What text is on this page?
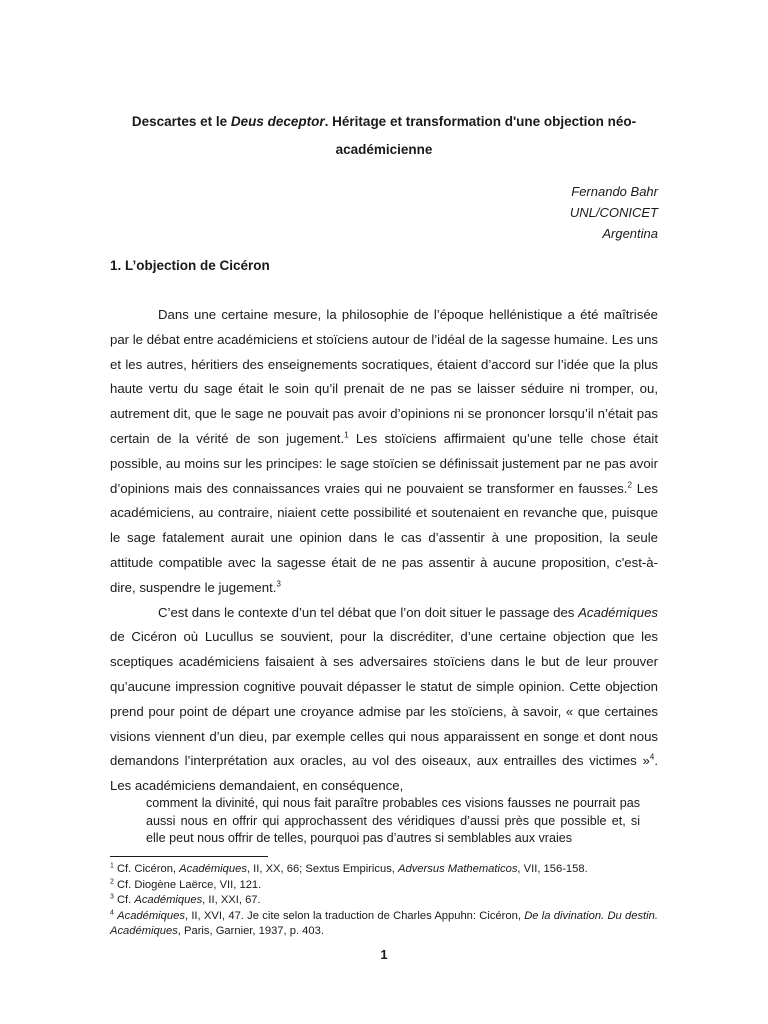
Descartes et le Deus deceptor. Héritage et transformation d'une objection néo-académicienne
Fernando Bahr
UNL/CONICET
Argentina
1. L’objection de Cicéron

Dans une certaine mesure, la philosophie de l’époque hellénistique a été maîtrisée par le débat entre académiciens et stoïciens autour de l’idéal de la sagesse humaine. Les uns et les autres, héritiers des enseignements socratiques, étaient d’accord sur l’idée que la plus haute vertu du sage était le soin qu’il prenait de ne pas se laisser séduire ni tromper, ou, autrement dit, que le sage ne pouvait pas avoir d’opinions ni se prononcer lorsqu’il n’était pas certain de la vérité de son jugement.$^1$ Les stoïciens affirmaient qu’une telle chose était possible, au moins sur les principes: le sage stoïcien se définissait justement par ne pas avoir d’opinions mais des connaissances vraies qui ne pouvaient se transformer en fausses.$^2$ Les académiciens, au contraire, niaient cette possibilité et soutenaient en revanche que, puisque le sage fatalement aurait une opinion dans le cas d’assentir à une proposition, la seule attitude compatible avec la sagesse était de ne pas assentir à aucune proposition, c'est-à-dire, suspendre le jugement.$^3$

C’est dans le contexte d’un tel débat que l’on doit situer le passage des Académiques de Cicéron où Lucullus se souvient, pour la discréditer, d’une certaine objection que les sceptiques académiciens faisaient à ses adversaires stoïciens dans le but de leur prouver qu’aucune impression cognitive pouvait dépasser le statut de simple opinion. Cette objection prend pour point de départ une croyance admise par les stoïciens, à savoir, « que certaines visions viennent d’un dieu, par exemple celles qui nous apparaissent en songe et dont nous demandons l’interprétation aux oracles, au vol des oiseaux, aux entrailles des victimes »$^4$. Les académiciens demandaient, en conséquence,

comment la divinité, qui nous fait paraître probables ces visions fausses ne pourrait pas aussi nous en offrir qui approchassent des véridiques d’aussi près que possible et, si elle peut nous offrir de telles, pourquoi pas d’autres si semblables aux vraies

$^1$ Cf. Cicéron, Académiques, II, XX, 66; Sextus Empiricus, Adversus Mathematicos, VII, 156-158.

$^2$ Cf. Diogène Laërce, VII, 121.

$^3$ Cf. Académiques, II, XXI, 67.

$^4$ Académiques, II, XVI, 47. Je cite selon la traduction de Charles Appuhn: Cicéron, De la divination. Du destin. Académiques, Paris, Garnier, 1937, p. 403.

1
